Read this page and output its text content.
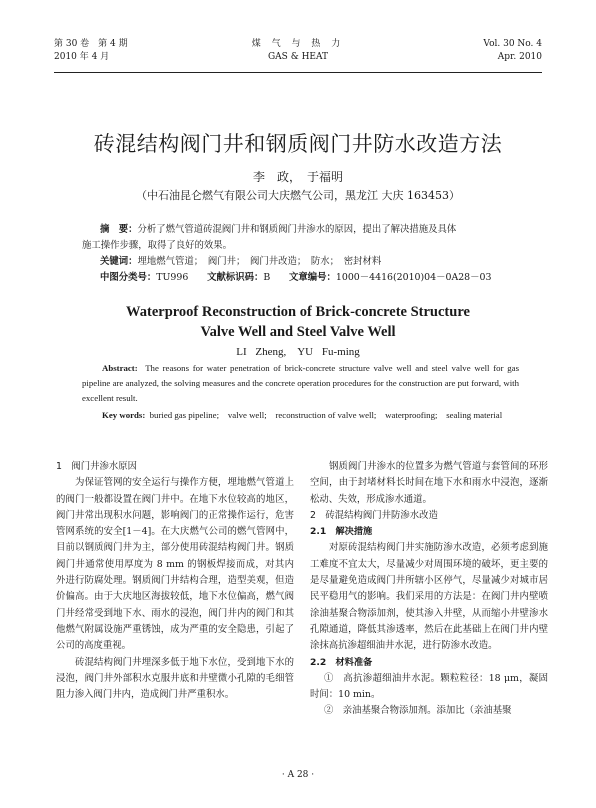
第 30 卷　第 4 期
2010 年 4 月
煤 气 与 热 力
GAS & HEAT
Vol. 30 No. 4
Apr. 2010
砖混结构阀门井和钢质阀门井防水改造方法
李　政，　于福明
（中石油昆仑燃气有限公司大庆燃气公司，黑龙江 大庆 163453）

摘　要：分析了燃气管道砖混阀门井和钢质阀门井渗水的原因，提出了解决措施及具体

施工操作步骤，取得了良好的效果。

关键词：埋地燃气管道；　阀门井；　阀门井改造；　防水；　密封材料

中图分类号：TU996　　 文献标识码：B　　 文章编号：1000－4416(2010)04－0A28－03

Waterproof Reconstruction of Brick-concrete Structure
Valve Well and Steel Valve Well
LI Zheng,　YU Fu-ming

Abstract: The reasons for water penetration of brick-concrete structure valve well and steel valve well for gas pipeline are analyzed, the solving measures and the concrete operation procedures for the construction are put forward, with excellent result.

Key words: buried gas pipeline;　valve well;　reconstruction of valve well;　waterproofing;　sealing material

1　阀门井渗水原因

为保证管网的安全运行与操作方便，埋地燃气管道上的阀门一般都设置在阀门井中。在地下水位较高的地区，阀门井常出现积水问题，影响阀门的正常操作运行，危害管网系统的安全[1－4]。在大庆燃气公司的燃气管网中，目前以钢质阀门井为主，部分使用砖混结构阀门井。钢质阀门井通常使用厚度为 8 mm 的钢板焊接而成，对其内外进行防腐处理。钢质阀门井结构合理，造型美观，但造价偏高。由于大庆地区海拔较低，地下水位偏高，燃气阀门井经常受到地下水、雨水的浸泡，阀门井内的阀门和其他燃气附属设施严重锈蚀，成为严重的安全隐患，引起了公司的高度重视。

砖混结构阀门井埋深多低于地下水位，受到地下水的浸泡，阀门井外部积水克服井底和井壁微小孔隙的毛细管阻力渗入阀门井内，造成阀门井严重积水。

钢质阀门井渗水的位置多为燃气管道与套管间的环形空间，由于封堵材料长时间在地下水和雨水中浸泡，逐渐松动、失效，形成渗水通道。

2　砖混结构阀门井防渗水改造

2.1　解决措施

对原砖混结构阀门井实施防渗水改造，必须考虑到施工难度不宜太大，尽量减少对周围环境的破坏，更主要的是尽量避免造成阀门井所辖小区停气，尽量减少对城市居民平稳用气的影响。我们采用的方法是：在阀门井内壁喷涂油基聚合物添加剂，使其渗入井壁，从而缩小井壁渗水孔隙通道，降低其渗透率，然后在此基础上在阀门井内壁涂抹高抗渗超细油井水泥，进行防渗水改造。

2.2　材料准备

①　高抗渗超细油井水泥。颗粒粒径：18 μm，凝固时间：10 min。

②　亲油基聚合物添加剂。添加比（亲油基聚

· A 28 ·
